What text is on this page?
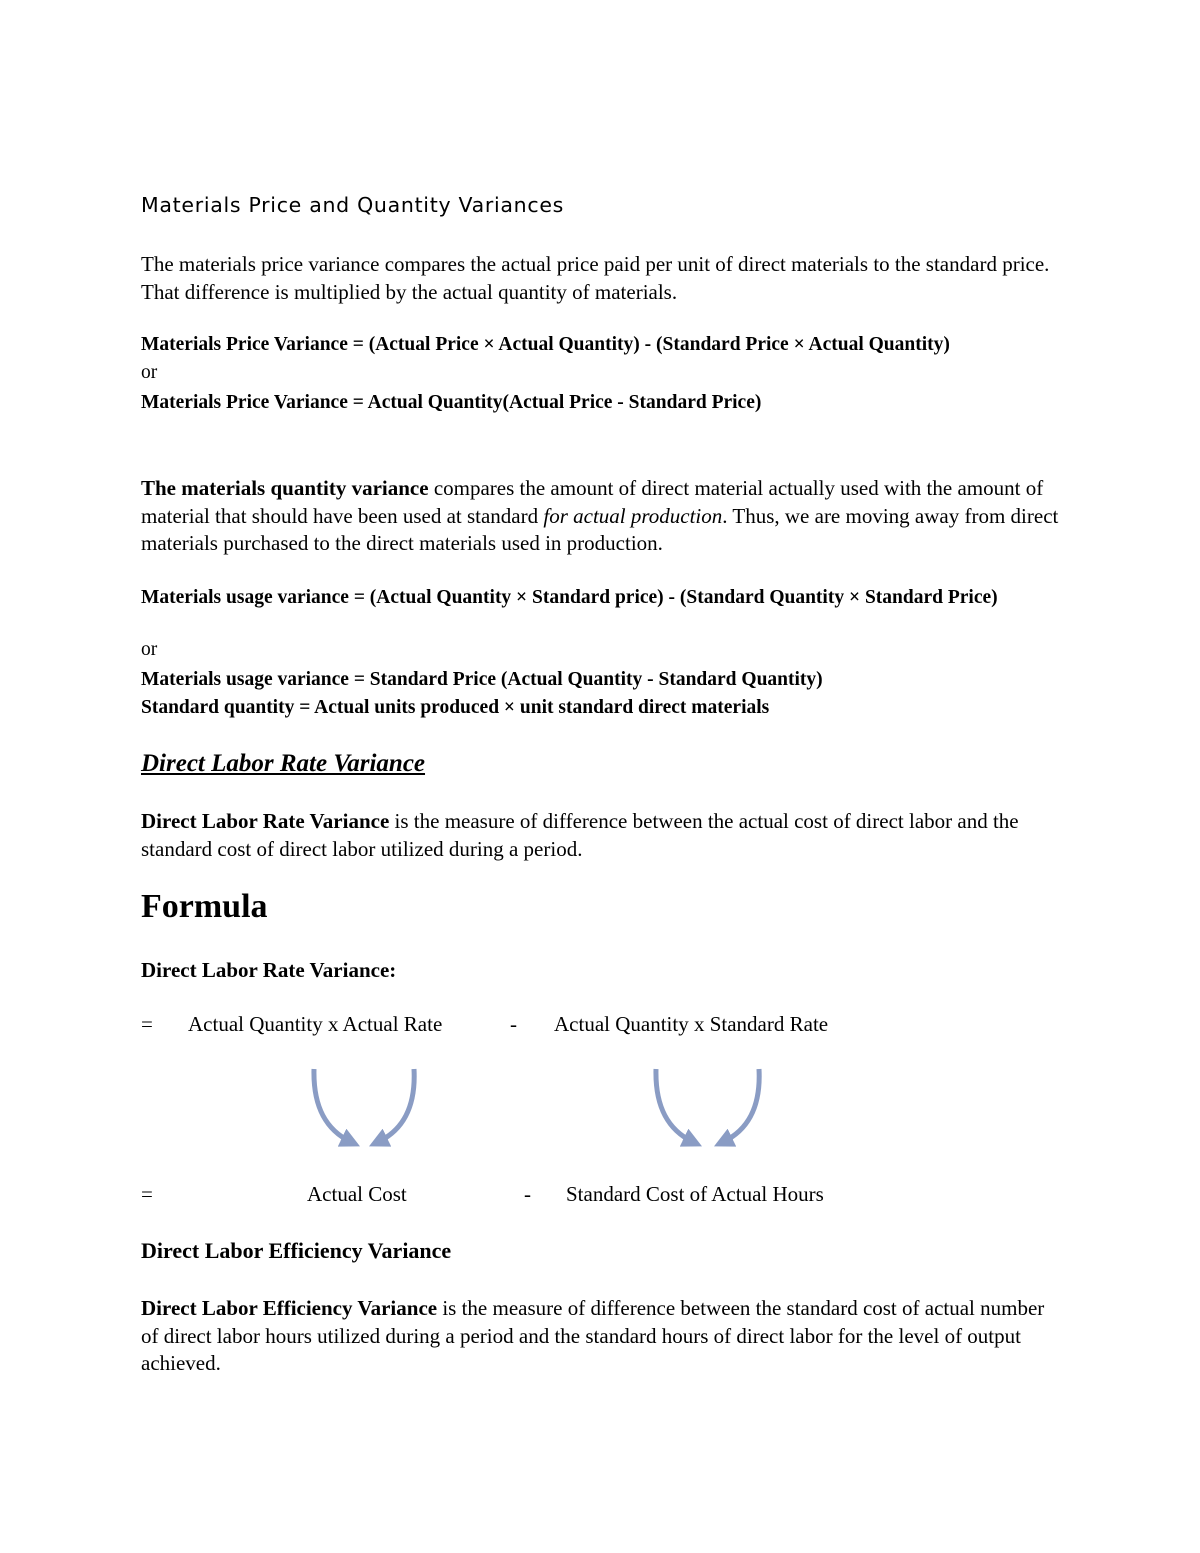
Materials Price and Quantity Variances
The materials price variance compares the actual price paid per unit of direct materials to the standard price. That difference is multiplied by the actual quantity of materials.
Materials Price Variance = (Actual Price × Actual Quantity) - (Standard Price × Actual Quantity)
or
Materials Price Variance = Actual Quantity(Actual Price - Standard Price)
The materials quantity variance compares the amount of direct material actually used with the amount of material that should have been used at standard for actual production. Thus, we are moving away from direct materials purchased to the direct materials used in production.
Materials usage variance = (Actual Quantity × Standard price) - (Standard Quantity × Standard Price)
or
Materials usage variance = Standard Price (Actual Quantity - Standard Quantity)
Standard quantity = Actual units produced × unit standard direct materials
Direct Labor Rate Variance
Direct Labor Rate Variance is the measure of difference between the actual cost of direct labor and the standard cost of direct labor utilized during a period.
Formula
Direct Labor Rate Variance:
= Actual Quantity x Actual Rate	- Actual Quantity x Standard Rate
=	Actual Cost	- Standard Cost of Actual Hours
Direct Labor Efficiency Variance
Direct Labor Efficiency Variance is the measure of difference between the standard cost of actual number of direct labor hours utilized during a period and the standard hours of direct labor for the level of output achieved.
